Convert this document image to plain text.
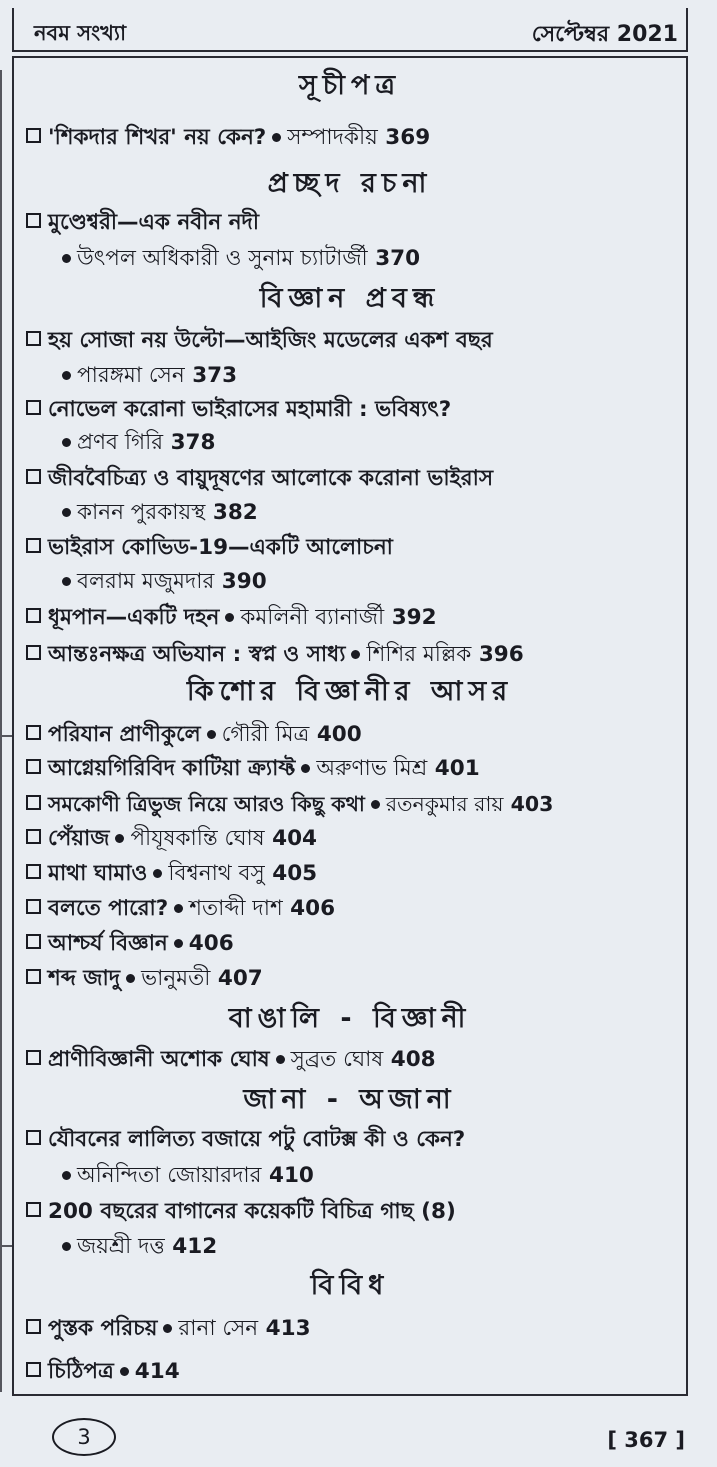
নবম সংখ্যা	সেপ্টেম্বর 2021
সূচীপত্র
'শিকদার শিখর' নয় কেন? সম্পাদকীয় 369
প্রচ্ছদ রচনা
মুণ্ডেশ্বরী—এক নবীন নদী
উৎপল অধিকারী ও সুনাম চ্যাটার্জী 370
বিজ্ঞান প্রবন্ধ
হয় সোজা নয় উল্টো—আইজিং মডেলের একশ বছর
পারঙ্গমা সেন 373
নোভেল করোনা ভাইরাসের মহামারী : ভবিষ্যৎ?
প্রণব গিরি 378
জীববৈচিত্র্য ও বায়ুদূষণের আলোকে করোনা ভাইরাস
কানন পুরকায়স্থ 382
ভাইরাস কোভিড-19—একটি আলোচনা
বলরাম মজুমদার 390
ধূমপান—একটি দহন কমলিনী ব্যানার্জী 392
আন্তঃনক্ষত্র অভিযান : স্বপ্ন ও সাধ্য শিশির মল্লিক 396
কিশোর বিজ্ঞানীর আসর
পরিযান প্রাণীকুলে গৌরী মিত্র 400
আগ্নেয়গিরিবিদ কাটিয়া ক্র্যাফ্ট অরুণাভ মিশ্র 401
সমকোণী ত্রিভুজ নিয়ে আরও কিছু কথা রতনকুমার রায় 403
পেঁয়াজ পীযূষকান্তি ঘোষ 404
মাথা ঘামাও বিশ্বনাথ বসু 405
বলতে পারো? শতাব্দী দাশ 406
আশ্চর্য বিজ্ঞান 406
শব্দ জাদু ভানুমতী 407
বাঙালি - বিজ্ঞানী
প্রাণীবিজ্ঞানী অশোক ঘোষ সুব্রত ঘোষ 408
জানা - অজানা
যৌবনের লালিত্য বজায়ে পটু বোটক্স কী ও কেন?
অনিন্দিতা জোয়ারদার 410
200 বছরের বাগানের কয়েকটি বিচিত্র গাছ (8)
জয়শ্রী দত্ত 412
বিবিধ
পুস্তক পরিচয় রানা সেন 413
চিঠিপত্র 414
3	[ 367 ]
